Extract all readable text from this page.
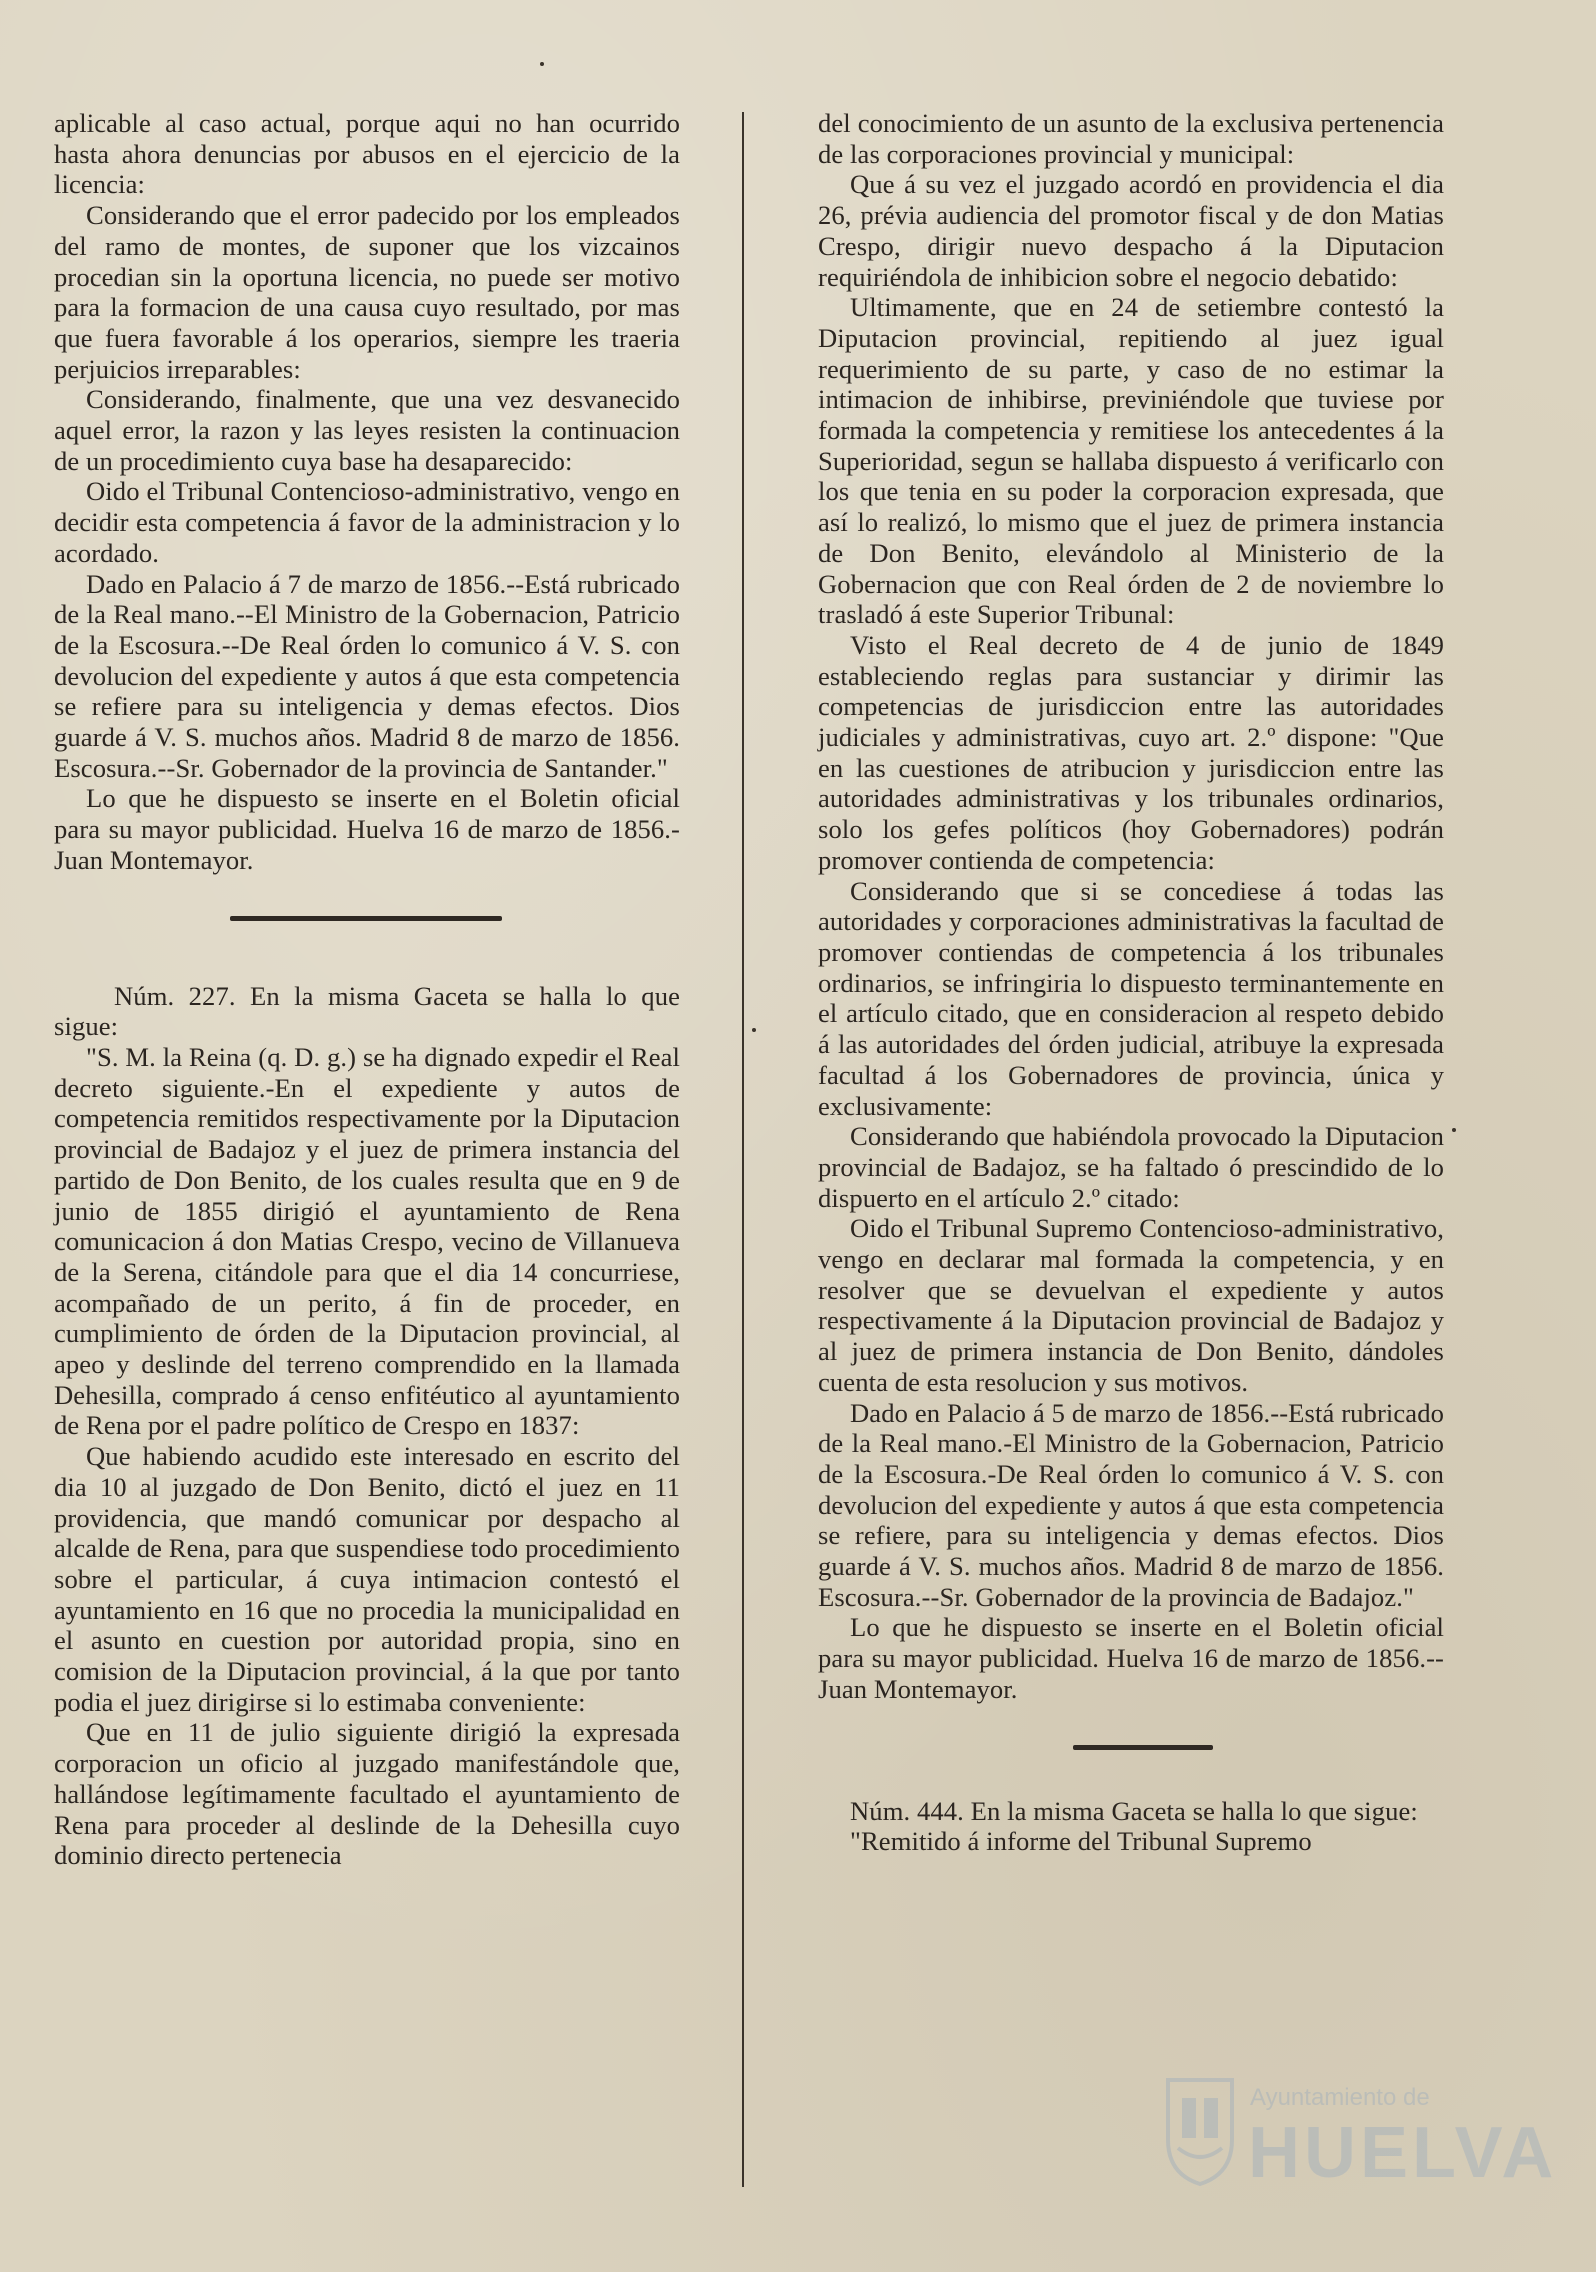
aplicable al caso actual, porque aqui no han ocurrido hasta ahora denuncias por abusos en el ejercicio de la licencia:

Considerando que el error padecido por los empleados del ramo de montes, de suponer que los vizcainos procedian sin la oportuna licencia, no puede ser motivo para la formacion de una causa cuyo resultado, por mas que fuera favorable á los operarios, siempre les traeria perjuicios irreparables:

Considerando, finalmente, que una vez desvanecido aquel error, la razon y las leyes resisten la continuacion de un procedimiento cuya base ha desaparecido:

Oido el Tribunal Contencioso-administrativo, vengo en decidir esta competencia á favor de la administracion y lo acordado.

Dado en Palacio á 7 de marzo de 1856.--Está rubricado de la Real mano.--El Ministro de la Gobernacion, Patricio de la Escosura.--De Real órden lo comunico á V. S. con devolucion del expediente y autos á que esta competencia se refiere para su inteligencia y demas efectos. Dios guarde á V. S. muchos años. Madrid 8 de marzo de 1856. Escosura.--Sr. Gobernador de la provincia de Santander."

Lo que he dispuesto se inserte en el Boletin oficial para su mayor publicidad. Huelva 16 de marzo de 1856.-Juan Montemayor.

Núm. 227. En la misma Gaceta se halla lo que sigue:

"S. M. la Reina (q. D. g.) se ha dignado expedir el Real decreto siguiente.-En el expediente y autos de competencia remitidos respectivamente por la Diputacion provincial de Badajoz y el juez de primera instancia del partido de Don Benito, de los cuales resulta que en 9 de junio de 1855 dirigió el ayuntamiento de Rena comunicacion á don Matias Crespo, vecino de Villanueva de la Serena, citándole para que el dia 14 concurriese, acompañado de un perito, á fin de proceder, en cumplimiento de órden de la Diputacion provincial, al apeo y deslinde del terreno comprendido en la llamada Dehesilla, comprado á censo enfitéutico al ayuntamiento de Rena por el padre político de Crespo en 1837:

Que habiendo acudido este interesado en escrito del dia 10 al juzgado de Don Benito, dictó el juez en 11 providencia, que mandó comunicar por despacho al alcalde de Rena, para que suspendiese todo procedimiento sobre el particular, á cuya intimacion contestó el ayuntamiento en 16 que no procedia la municipalidad en el asunto en cuestion por autoridad propia, sino en comision de la Diputacion provincial, á la que por tanto podia el juez dirigirse si lo estimaba conveniente:

Que en 11 de julio siguiente dirigió la expresada corporacion un oficio al juzgado manifestándole que, hallándose legítimamente facultado el ayuntamiento de Rena para proceder al deslinde de la Dehesilla cuyo dominio directo pertenecia

del conocimiento de un asunto de la exclusiva pertenencia de las corporaciones provincial y municipal:

Que á su vez el juzgado acordó en providencia el dia 26, prévia audiencia del promotor fiscal y de don Matias Crespo, dirigir nuevo despacho á la Diputacion requiriéndola de inhibicion sobre el negocio debatido:

Ultimamente, que en 24 de setiembre contestó la Diputacion provincial, repitiendo al juez igual requerimiento de su parte, y caso de no estimar la intimacion de inhibirse, previniéndole que tuviese por formada la competencia y remitiese los antecedentes á la Superioridad, segun se hallaba dispuesto á verificarlo con los que tenia en su poder la corporacion expresada, que así lo realizó, lo mismo que el juez de primera instancia de Don Benito, elevándolo al Ministerio de la Gobernacion que con Real órden de 2 de noviembre lo trasladó á este Superior Tribunal:

Visto el Real decreto de 4 de junio de 1849 estableciendo reglas para sustanciar y dirimir las competencias de jurisdiccion entre las autoridades judiciales y administrativas, cuyo art. 2.º dispone: "Que en las cuestiones de atribucion y jurisdiccion entre las autoridades administrativas y los tribunales ordinarios, solo los gefes políticos (hoy Gobernadores) podrán promover contienda de competencia:

Considerando que si se concediese á todas las autoridades y corporaciones administrativas la facultad de promover contiendas de competencia á los tribunales ordinarios, se infringiria lo dispuesto terminantemente en el artículo citado, que en consideracion al respeto debido á las autoridades del órden judicial, atribuye la expresada facultad á los Gobernadores de provincia, única y exclusivamente:

Considerando que habiéndola provocado la Diputacion provincial de Badajoz, se ha faltado ó prescindido de lo dispuerto en el artículo 2.º citado:

Oido el Tribunal Supremo Contencioso-administrativo, vengo en declarar mal formada la competencia, y en resolver que se devuelvan el expediente y autos respectivamente á la Diputacion provincial de Badajoz y al juez de primera instancia de Don Benito, dándoles cuenta de esta resolucion y sus motivos.

Dado en Palacio á 5 de marzo de 1856.--Está rubricado de la Real mano.-El Ministro de la Gobernacion, Patricio de la Escosura.-De Real órden lo comunico á V. S. con devolucion del expediente y autos á que esta competencia se refiere, para su inteligencia y demas efectos. Dios guarde á V. S. muchos años. Madrid 8 de marzo de 1856. Escosura.--Sr. Gobernador de la provincia de Badajoz."

Lo que he dispuesto se inserte en el Boletin oficial para su mayor publicidad. Huelva 16 de marzo de 1856.--Juan Montemayor.

Núm. 444. En la misma Gaceta se halla lo que sigue:

"Remitido á informe del Tribunal Supremo

Ayuntamiento de
HUELVA
